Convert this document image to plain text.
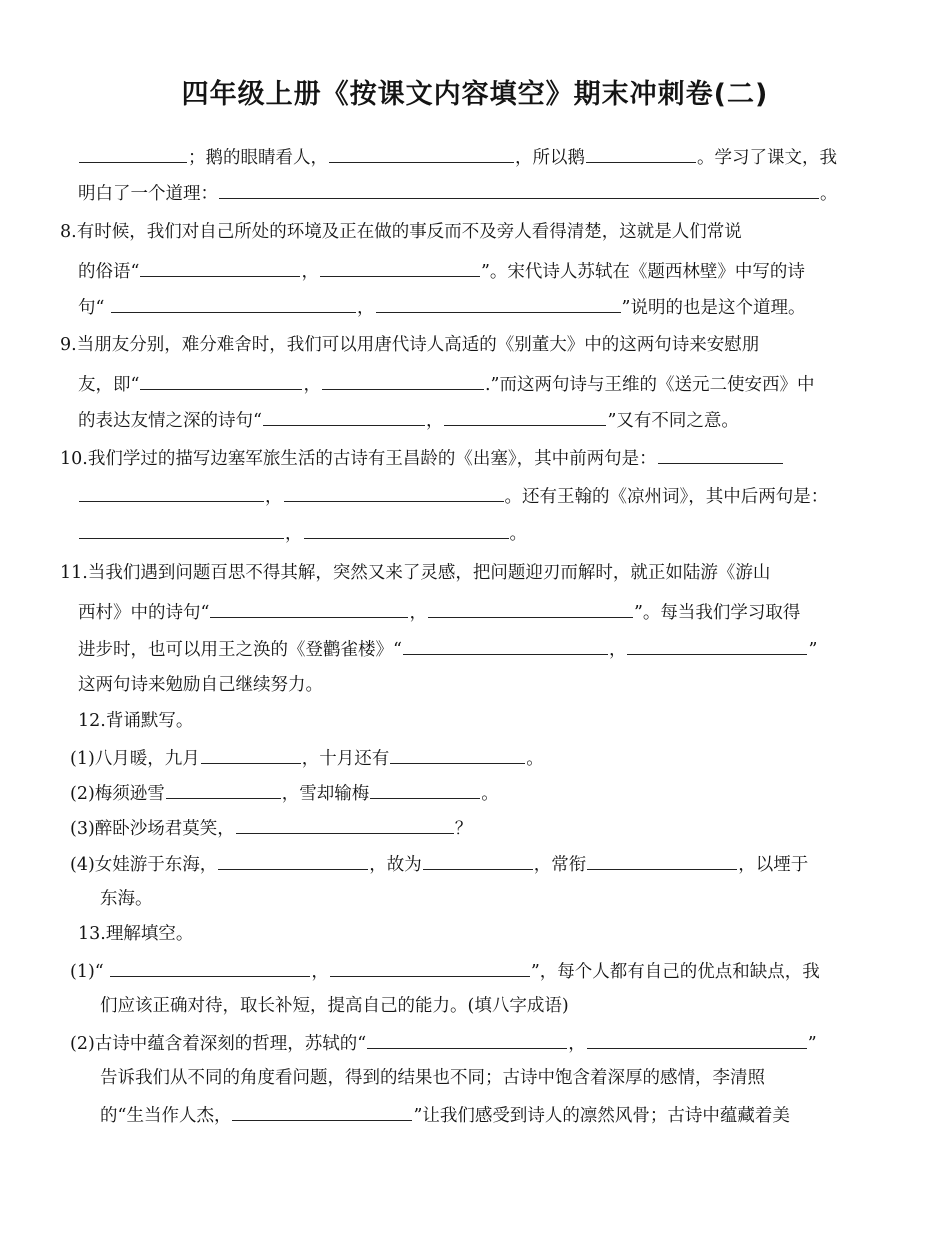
四年级上册《按课文内容填空》期末冲刺卷(二)
；鹅的眼睛看人，	，所以鹅	。学习了课文，我
明白了一个道理：	。
8.有时候，我们对自己所处的环境及正在做的事反而不及旁人看得清楚，这就是人们常说
的俗语“	，	”。宋代诗人苏轼在《题西林壁》中写的诗
句“	，	”说明的也是这个道理。
9.当朋友分别，难分难舍时，我们可以用唐代诗人高适的《别董大》中的这两句诗来安慰朋
友，即“	，	.”而这两句诗与王维的《送元二使安西》中
的表达友情之深的诗句“	，	”又有不同之意。
10.我们学过的描写边塞军旅生活的古诗有王昌龄的《出塞》，其中前两句是：
，	。还有王翰的《凉州词》，其中后两句是：
，	。
11.当我们遇到问题百思不得其解，突然又来了灵感，把问题迎刃而解时，就正如陆游《游山
西村》中的诗句“	，	”。每当我们学习取得
进步时，也可以用王之涣的《登鹳雀楼》“	，	”
这两句诗来勉励自己继续努力。
12.背诵默写。
(1)八月暖，九月	，十月还有	。
(2)梅须逊雪	，雪却输梅	。
(3)醉卧沙场君莫笑，	？
(4)女娃游于东海，	，故为	，常衔	，以堙于
东海。
13.理解填空。
(1)“	，	”，每个人都有自己的优点和缺点，我
们应该正确对待，取长补短，提高自己的能力。(填八字成语)
(2)古诗中蕴含着深刻的哲理，苏轼的“	，	”
告诉我们从不同的角度看问题，得到的结果也不同；古诗中饱含着深厚的感情，李清照
的“生当作人杰，	”让我们感受到诗人的凛然风骨；古诗中蕴藏着美
